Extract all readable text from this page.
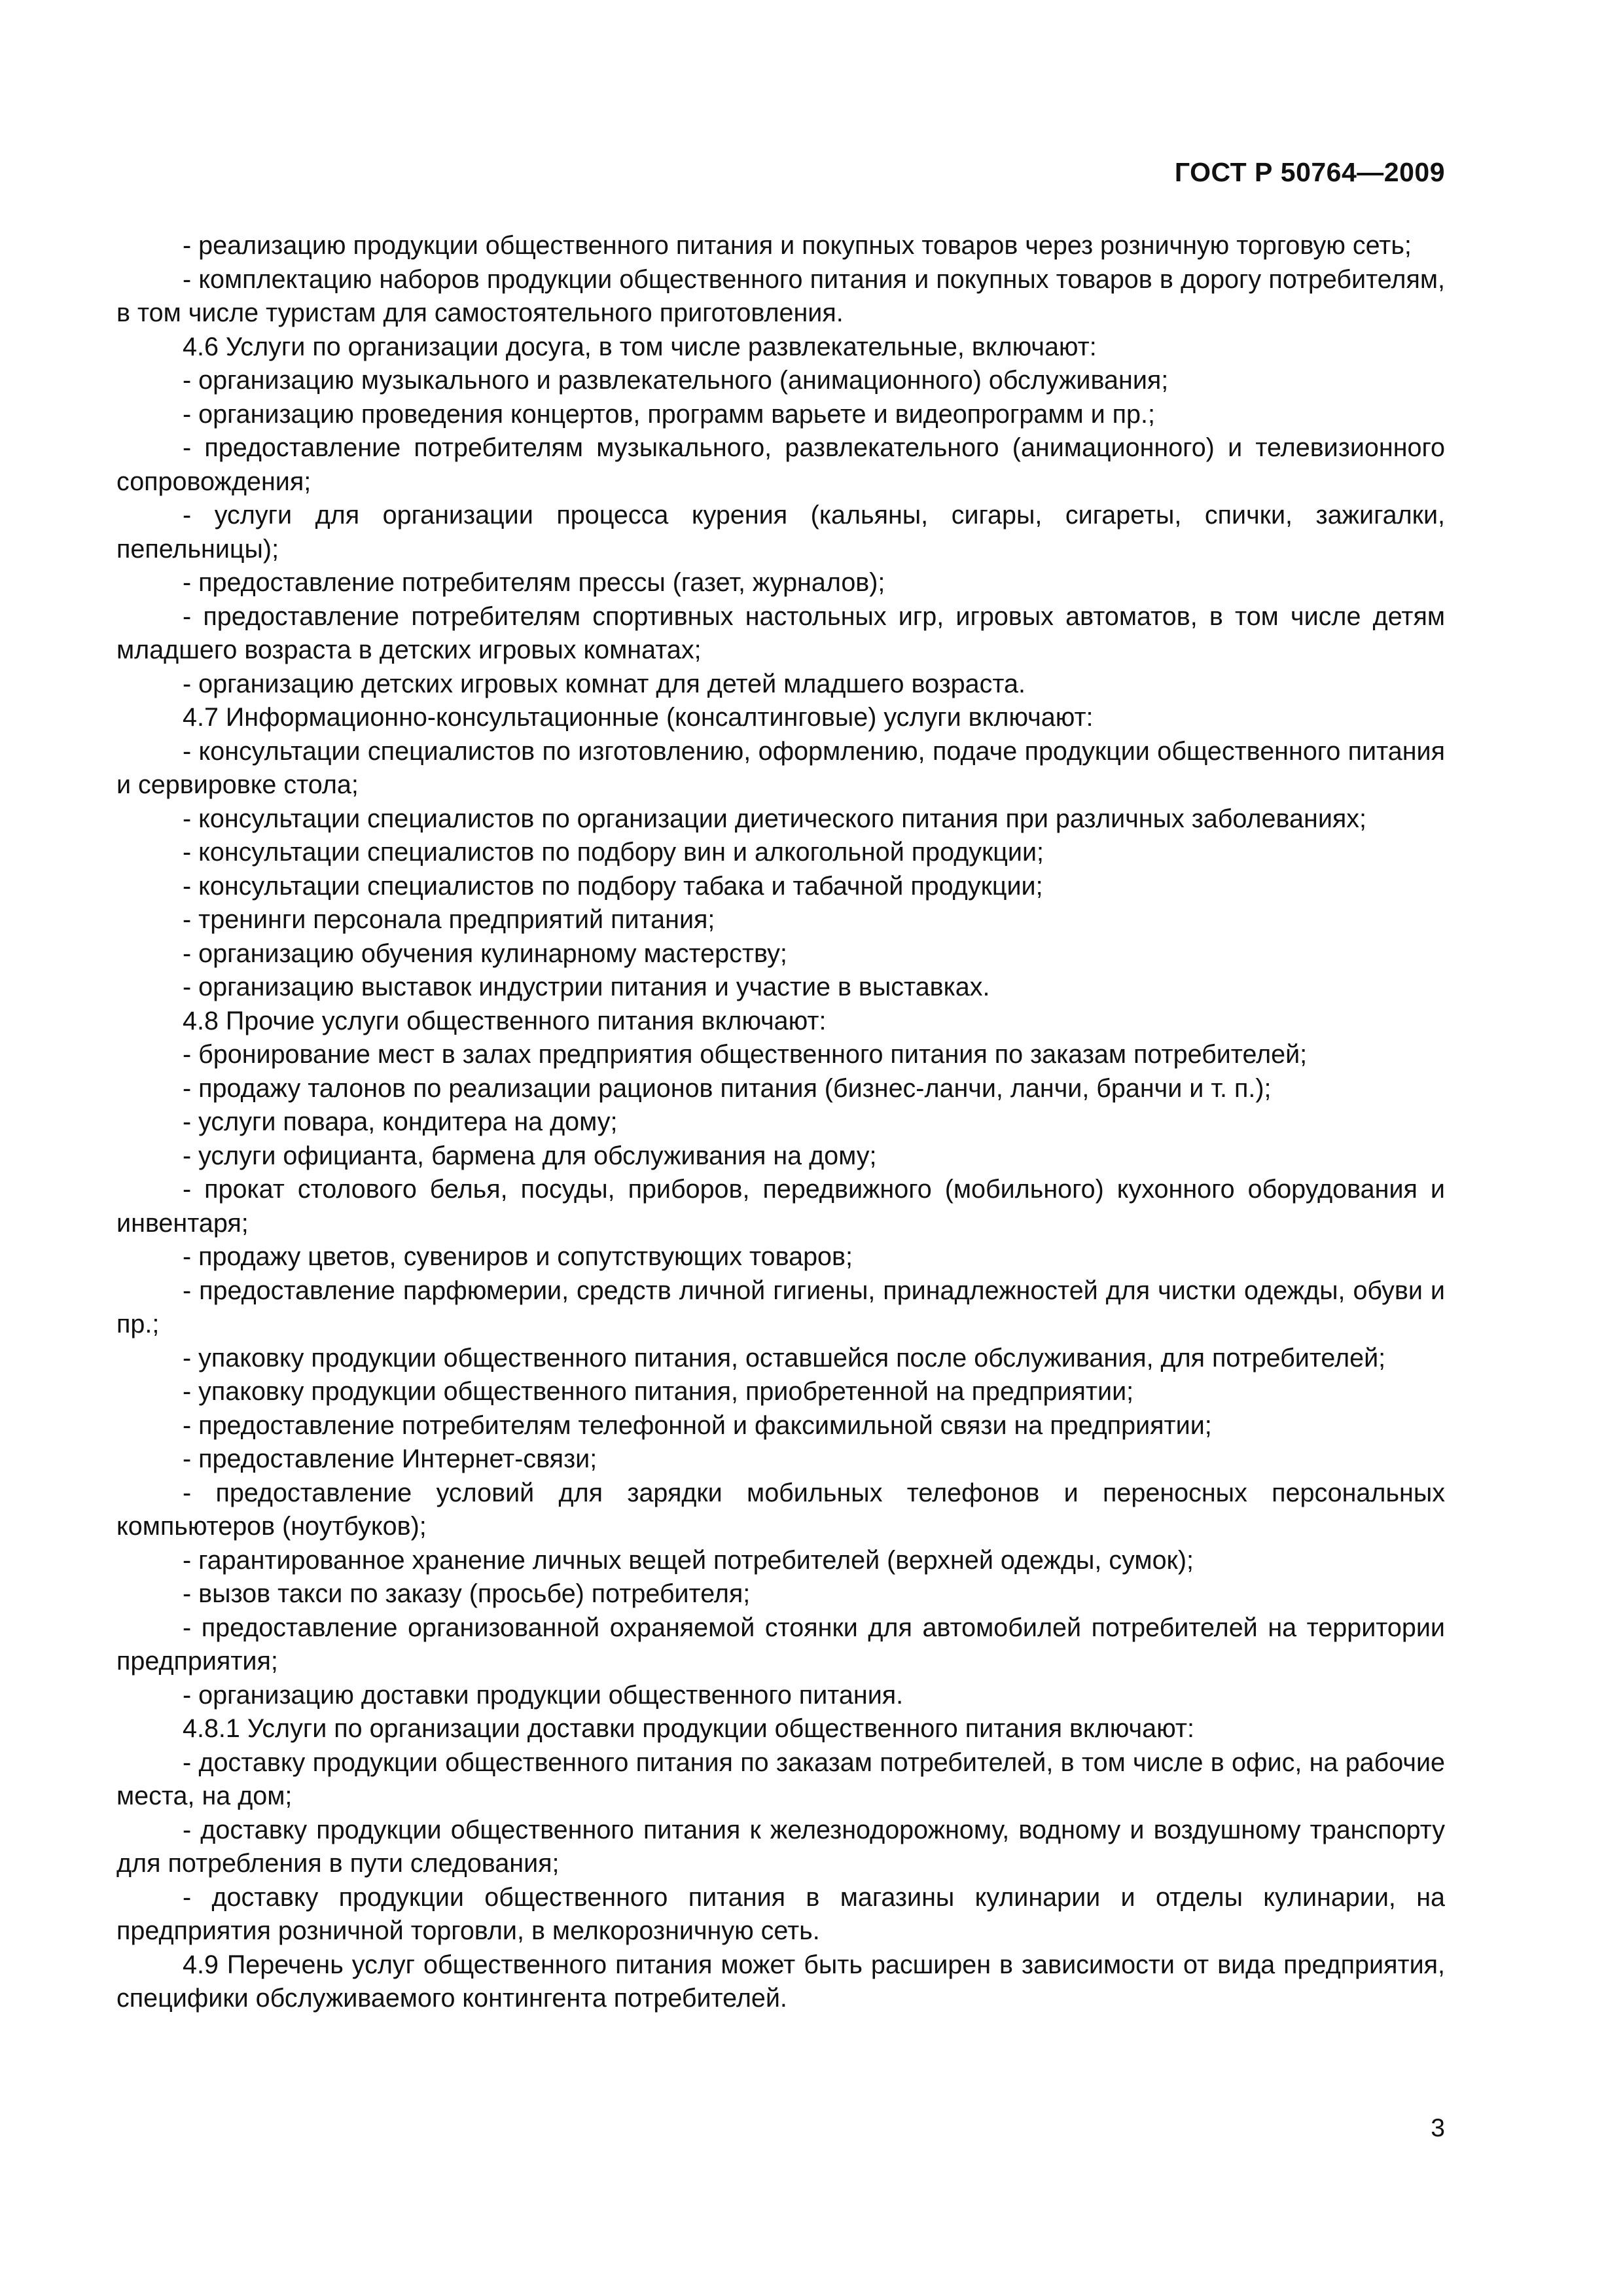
ГОСТ Р 50764—2009

- реализацию продукции общественного питания и покупных товаров через розничную торговую сеть;

- комплектацию наборов продукции общественного питания и покупных товаров в дорогу потребителям, в том числе туристам для самостоятельного приготовления.

4.6 Услуги по организации досуга, в том числе развлекательные, включают:

- организацию музыкального и развлекательного (анимационного) обслуживания;

- организацию проведения концертов, программ варьете и видеопрограмм и пр.;

- предоставление потребителям музыкального, развлекательного (анимационного) и телевизионного сопровождения;

- услуги для организации процесса курения (кальяны, сигары, сигареты, спички, зажигалки, пепельницы);

- предоставление потребителям прессы (газет, журналов);

- предоставление потребителям спортивных настольных игр, игровых автоматов, в том числе детям младшего возраста в детских игровых комнатах;

- организацию детских игровых комнат для детей младшего возраста.

4.7 Информационно-консультационные (консалтинговые) услуги включают:

- консультации специалистов по изготовлению, оформлению, подаче продукции общественного питания и сервировке стола;

- консультации специалистов по организации диетического питания при различных заболеваниях;

- консультации специалистов по подбору вин и алкогольной продукции;

- консультации специалистов по подбору табака и табачной продукции;

- тренинги персонала предприятий питания;

- организацию обучения кулинарному мастерству;

- организацию выставок индустрии питания и участие в выставках.

4.8 Прочие услуги общественного питания включают:

- бронирование мест в залах предприятия общественного питания по заказам потребителей;

- продажу талонов по реализации рационов питания (бизнес-ланчи, ланчи, бранчи и т. п.);

- услуги повара, кондитера на дому;

- услуги официанта, бармена для обслуживания на дому;

- прокат столового белья, посуды, приборов, передвижного (мобильного) кухонного оборудования и инвентаря;

- продажу цветов, сувениров и сопутствующих товаров;

- предоставление парфюмерии, средств личной гигиены, принадлежностей для чистки одежды, обуви и пр.;

- упаковку продукции общественного питания, оставшейся после обслуживания, для потребителей;

- упаковку продукции общественного питания, приобретенной на предприятии;

- предоставление потребителям телефонной и факсимильной связи на предприятии;

- предоставление Интернет-связи;

- предоставление условий для зарядки мобильных телефонов и переносных персональных компьютеров (ноутбуков);

- гарантированное хранение личных вещей потребителей (верхней одежды, сумок);

- вызов такси по заказу (просьбе) потребителя;

- предоставление организованной охраняемой стоянки для автомобилей потребителей на территории предприятия;

- организацию доставки продукции общественного питания.

4.8.1 Услуги по организации доставки продукции общественного питания включают:

- доставку продукции общественного питания по заказам потребителей, в том числе в офис, на рабочие места, на дом;

- доставку продукции общественного питания к железнодорожному, водному и воздушному транспорту для потребления в пути следования;

- доставку продукции общественного питания в магазины кулинарии и отделы кулинарии, на предприятия розничной торговли, в мелкорозничную сеть.

4.9 Перечень услуг общественного питания может быть расширен в зависимости от вида предприятия, специфики обслуживаемого контингента потребителей.

3
